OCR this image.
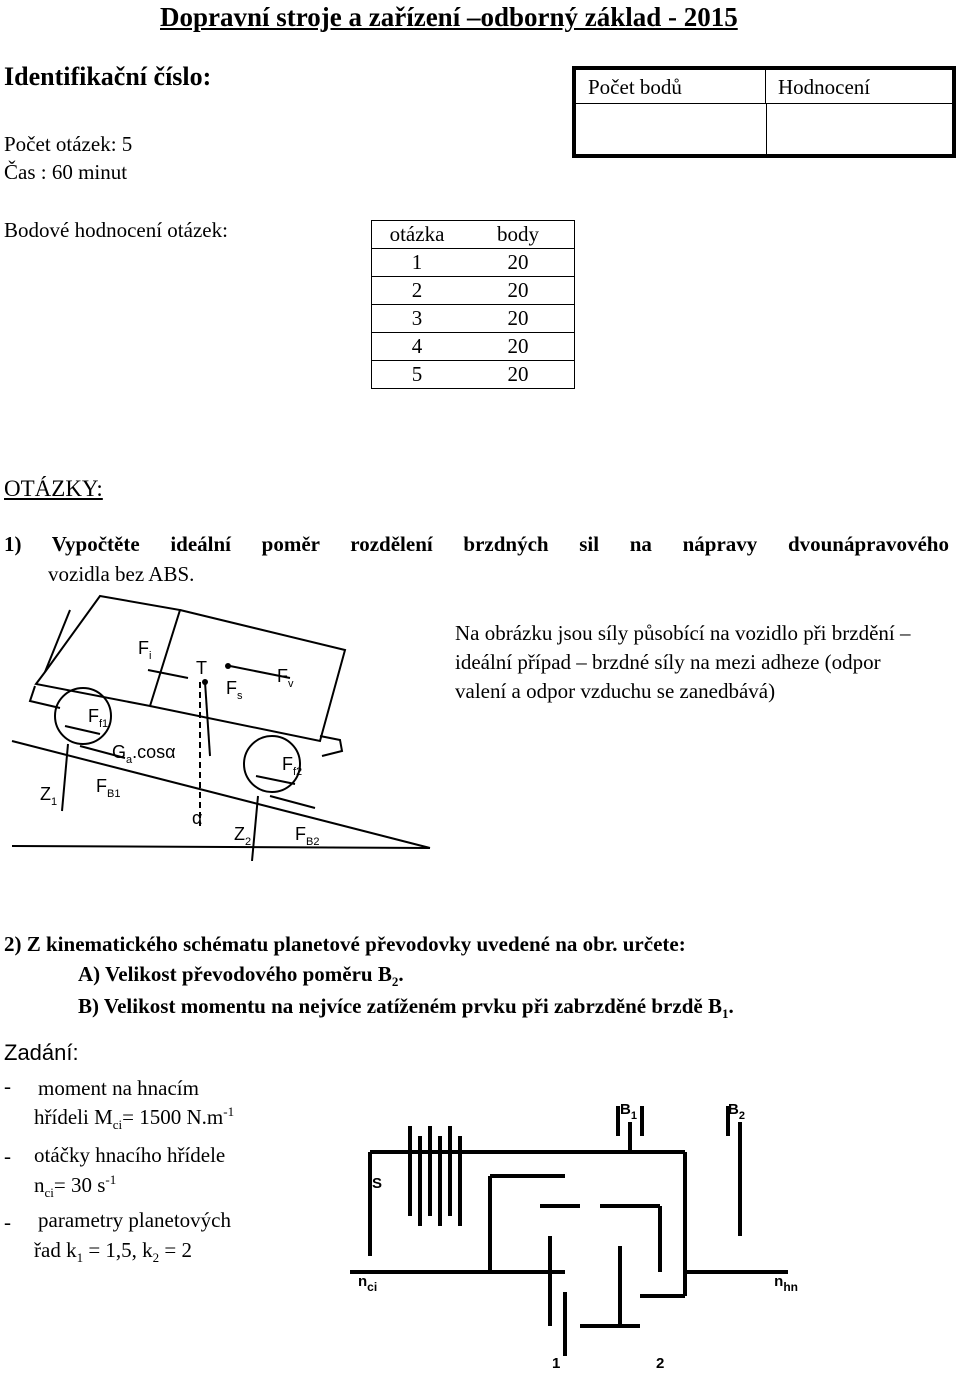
Dopravní stroje a zařízení –odborný základ - 2015
Identifikační číslo:
Počet otázek: 5
Čas : 60 minut
Počet bodů	Hodnocení
Bodové hodnocení otázek:	otázka	body
1	20
2	20
3	20
4	20
5	20
OTÁZKY:
1) Vypočtěte ideální poměr rozdělení brzdných sil na nápravy dvounápravového
vozidla bez ABS.
Na obrázku jsou síly působící na vozidlo při brzdění – ideální případ – brzdné síly na mezi adheze (odpor valení a odpor vzduchu se zanedbává)
$F_i$
T
$F_s$
$F_v$
$F_{f1}$
$G_a.\cos\alpha$
$F_{f2}$
$Z_1$
$F_{B1}$
α
$Z_2$ $F_{B2}$
2) Z kinematického schématu planetové převodovky uvedené na obr. určete:
A) Velikost převodového poměru $B_2$.
B) Velikost momentu na nejvíce zatíženém prvku při zabrzděné brzdě $B_1$.
Zadání:
- moment na hnacím
hřídeli $M_{ci}= 1500$ $N.m^{-1}$
- otáčky hnacího hřídele
$n_{ci}= 30$ $s^{-1}$
- parametry planetových
řad $k_1 = 1,5$, $k_2 = 2$
$B_1$	$B_2$
S
$n_{ci}$	$n_{hn}$
1	2
